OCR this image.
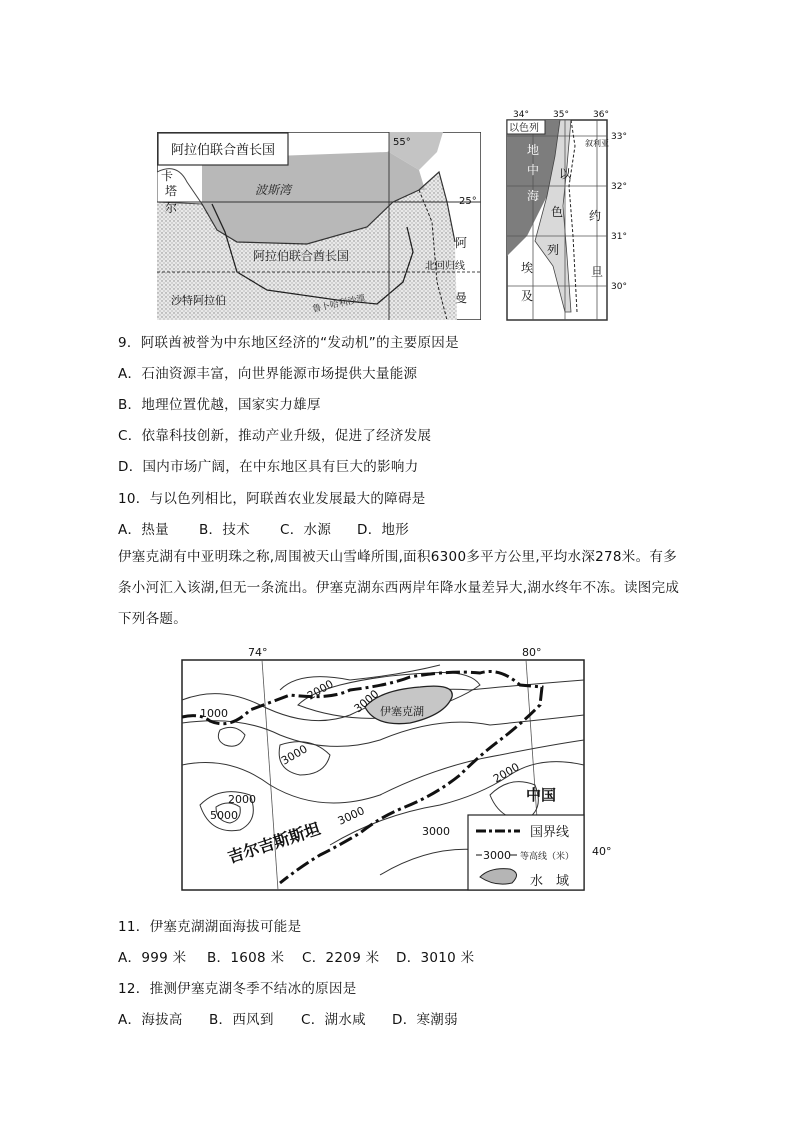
阿拉伯联合酋长国
55°
25°
卡
塔
尔
波斯湾
阿拉伯联合酋长国
北回归线
阿
曼
沙特阿拉伯	鲁卜哈利沙漠
以色列
34°	35°	36°
33°
32°
31°
30°
叙利亚
地
中
海
以
色
列
约
旦
埃
及
9．阿联酋被誉为中东地区经济的“发动机”的主要原因是
A．石油资源丰富，向世界能源市场提供大量能源
B．地理位置优越，国家实力雄厚
C．依靠科技创新，推动产业升级，促进了经济发展
D．国内市场广阔，在中东地区具有巨大的影响力
10．与以色列相比，阿联酋农业发展最大的障碍是
A．热量 B．技术 C．水源 D．地形
伊塞克湖有中亚明珠之称,周围被天山雪峰所围,面积6300多平方公里,平均水深278米。有多条小河汇入该湖,但无一条流出。伊塞克湖东西两岸年降水量差异大,湖水终年不冻。读图完成下列各题。
74°	80°
40°
伊塞克湖
中国
吉尔吉斯斯坦
1000
2000 3000
3000
2000
5000	3000
3000
2000
国界线
3000 等高线（米）
水　域
11．伊塞克湖湖面海拔可能是
A．999 米 B．1608 米 C．2209 米 D．3010 米
12．推测伊塞克湖冬季不结冰的原因是
A．海拔高 B．西风到 C．湖水咸 D．寒潮弱
